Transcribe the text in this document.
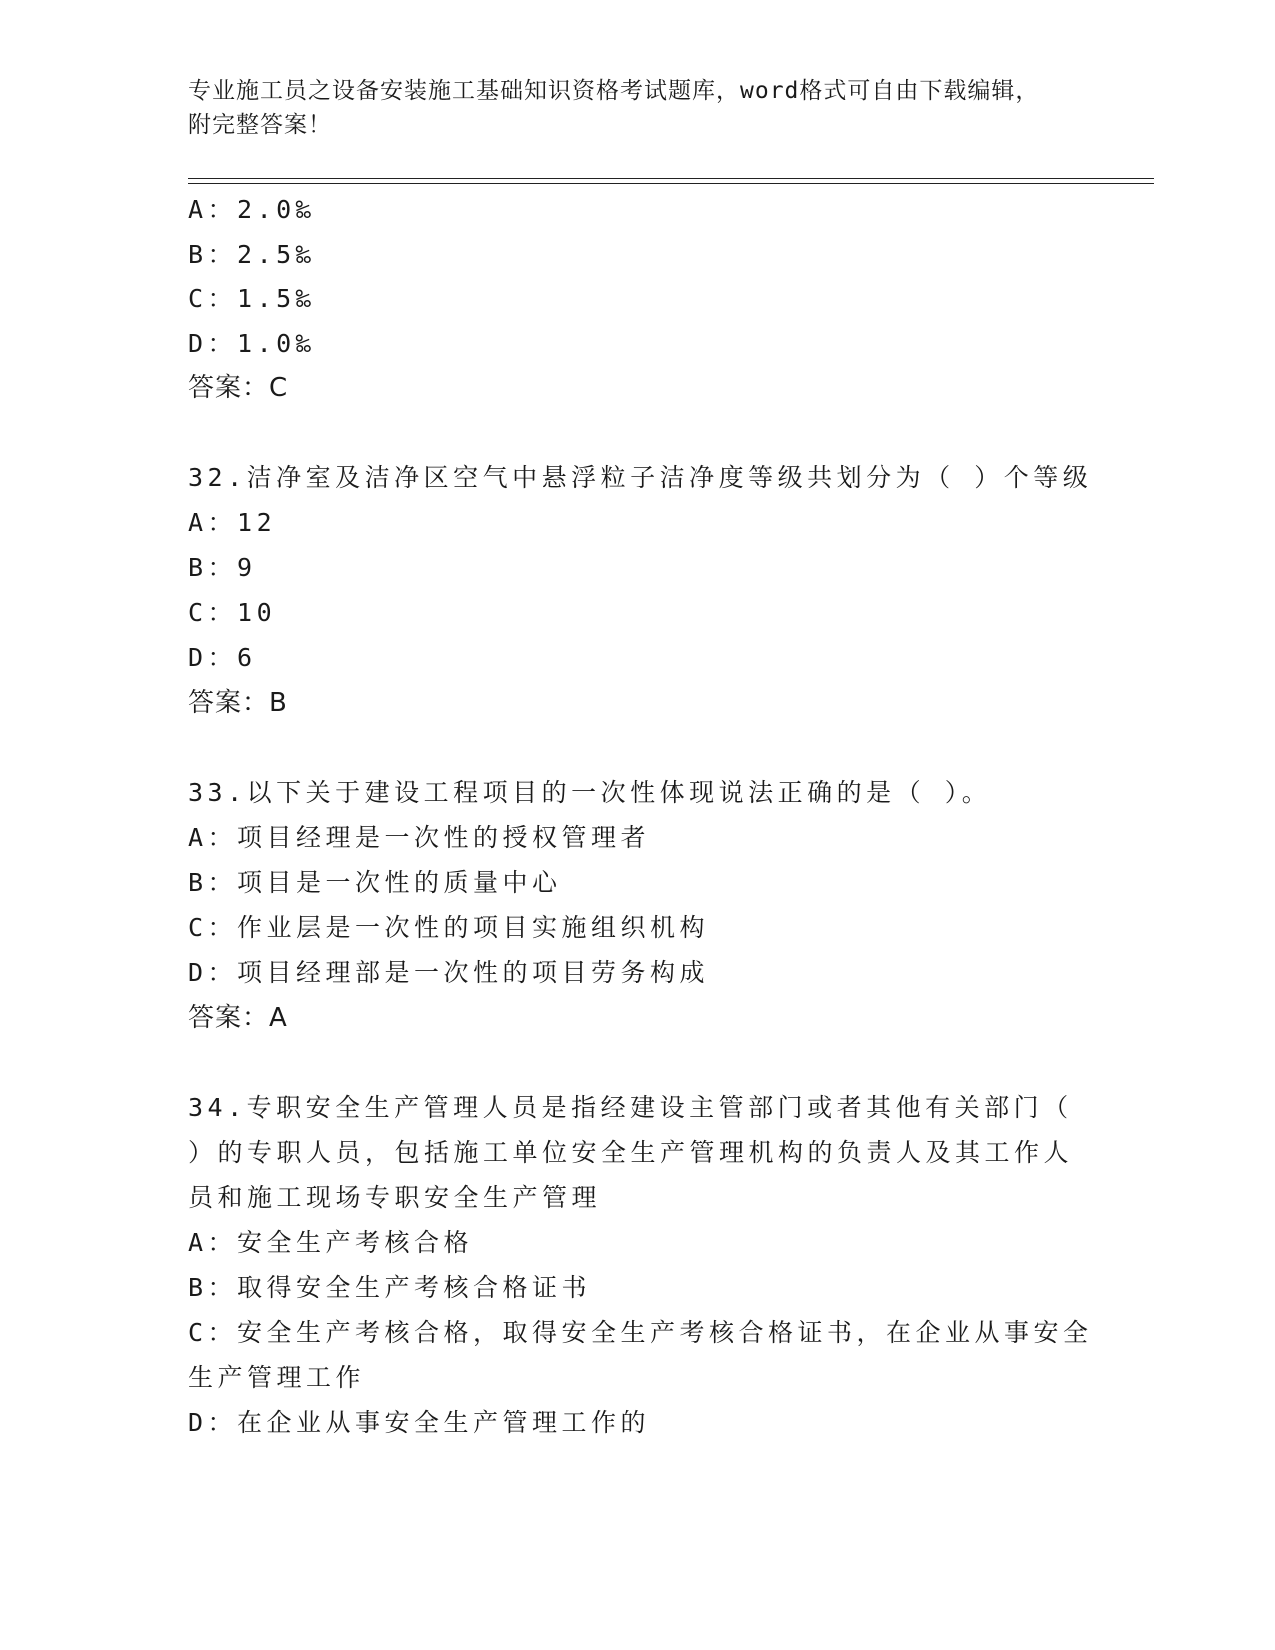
专业施工员之设备安装施工基础知识资格考试题库，word格式可自由下载编辑，
附完整答案！
A：2.0‰
B：2.5‰
C：1.5‰
D：1.0‰
答案：C
32.洁净室及洁净区空气中悬浮粒子洁净度等级共划分为（ ）个等级
A：12
B：9
C：10
D：6
答案：B
33.以下关于建设工程项目的一次性体现说法正确的是（ ）。
A：项目经理是一次性的授权管理者
B：项目是一次性的质量中心
C：作业层是一次性的项目实施组织机构
D：项目经理部是一次性的项目劳务构成
答案：A
34.专职安全生产管理人员是指经建设主管部门或者其他有关部门（
）的专职人员，包括施工单位安全生产管理机构的负责人及其工作人
员和施工现场专职安全生产管理
A：安全生产考核合格
B：取得安全生产考核合格证书
C：安全生产考核合格，取得安全生产考核合格证书，在企业从事安全
生产管理工作
D：在企业从事安全生产管理工作的
